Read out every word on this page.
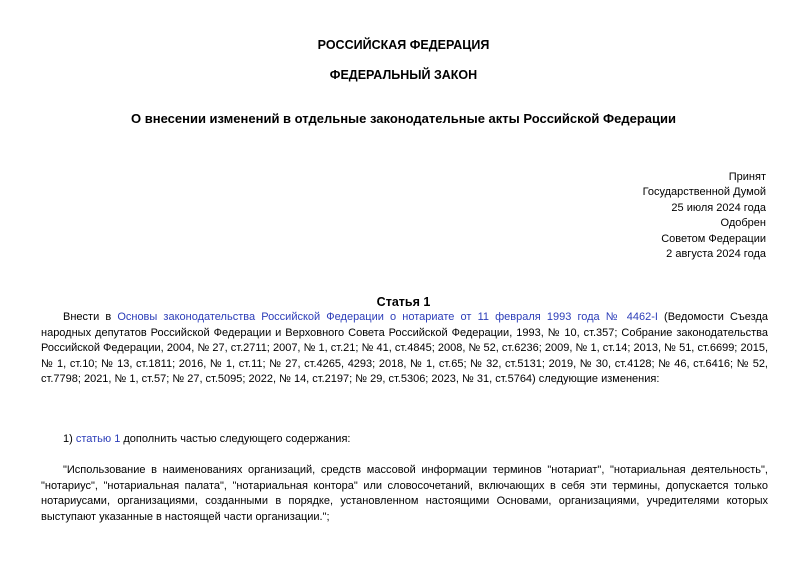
РОССИЙСКАЯ ФЕДЕРАЦИЯ
ФЕДЕРАЛЬНЫЙ ЗАКОН
О внесении изменений в отдельные законодательные акты Российской Федерации
Принят
Государственной Думой
25 июля 2024 года
Одобрен
Советом Федерации
2 августа 2024 года
Статья 1

Внести в Основы законодательства Российской Федерации о нотариате от 11 февраля 1993 года № 4462-I (Ведомости Съезда народных депутатов Российской Федерации и Верховного Совета Российской Федерации, 1993, № 10, ст.357; Собрание законодательства Российской Федерации, 2004, № 27, ст.2711; 2007, № 1, ст.21; № 41, ст.4845; 2008, № 52, ст.6236; 2009, № 1, ст.14; 2013, № 51, ст.6699; 2015, № 1, ст.10; № 13, ст.1811; 2016, № 1, ст.11; № 27, ст.4265, 4293; 2018, № 1, ст.65; № 32, ст.5131; 2019, № 30, ст.4128; № 46, ст.6416; № 52, ст.7798; 2021, № 1, ст.57; № 27, ст.5095; 2022, № 14, ст.2197; № 29, ст.5306; 2023, № 31, ст.5764) следующие изменения:

1) статью 1 дополнить частью следующего содержания:

"Использование в наименованиях организаций, средств массовой информации терминов "нотариат", "нотариальная деятельность", "нотариус", "нотариальная палата", "нотариальная контора" или словосочетаний, включающих в себя эти термины, допускается только нотариусами, организациями, созданными в порядке, установленном настоящими Основами, организациями, учредителями которых выступают указанные в настоящей части организации.";
